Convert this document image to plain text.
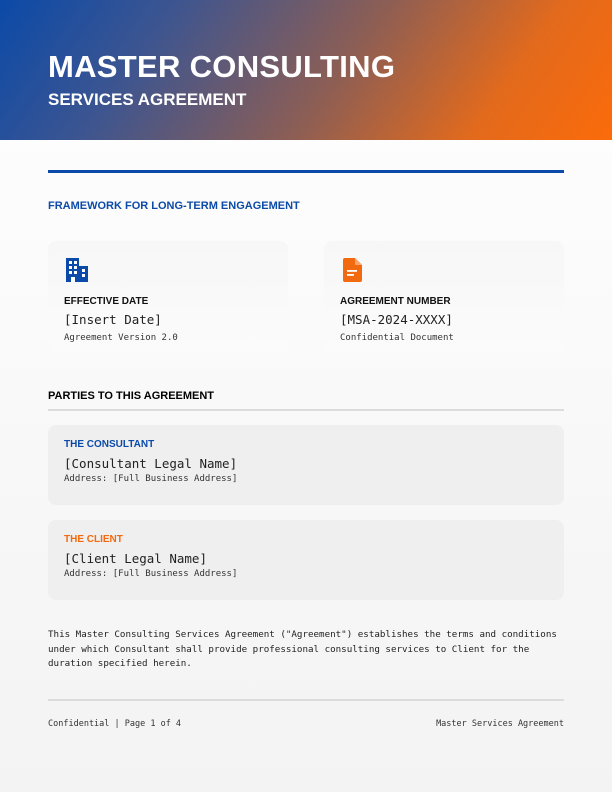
MASTER CONSULTING
SERVICES AGREEMENT
FRAMEWORK FOR LONG-TERM ENGAGEMENT
EFFECTIVE DATE
[Insert Date]
Agreement Version 2.0
AGREEMENT NUMBER
[MSA-2024-XXXX]
Confidential Document
PARTIES TO THIS AGREEMENT
THE CONSULTANT
[Consultant Legal Name]
Address: [Full Business Address]
THE CLIENT
[Client Legal Name]
Address: [Full Business Address]

This Master Consulting Services Agreement ("Agreement") establishes the terms and conditions under which Consultant shall provide professional consulting services to Client for the duration specified herein.

Confidential | Page 1 of 4	Master Services Agreement
